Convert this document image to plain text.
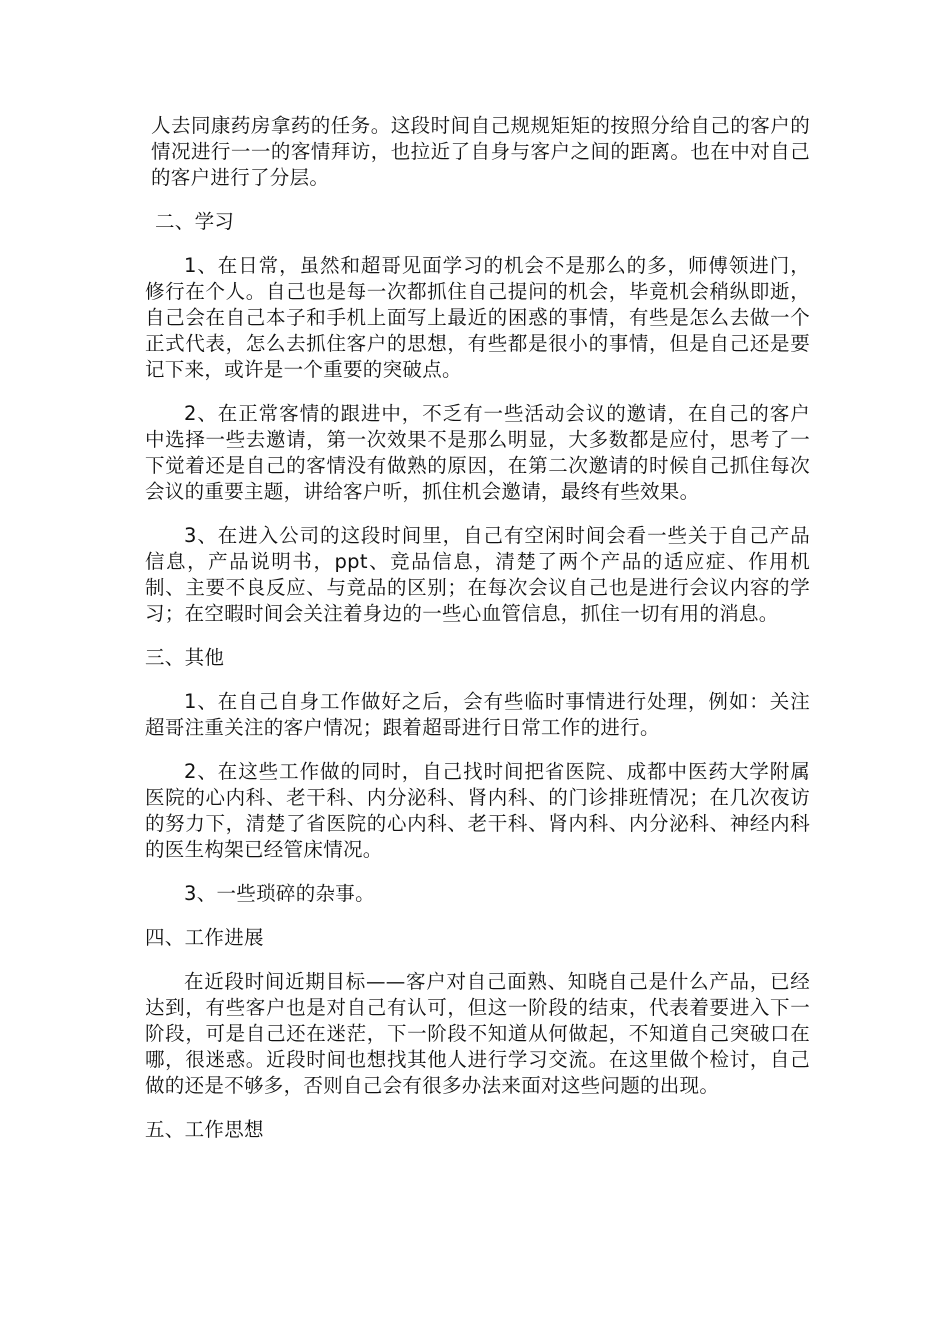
人去同康药房拿药的任务。这段时间自己规规矩矩的按照分给自己的客户的情况进行一一的客情拜访，也拉近了自身与客户之间的距离。也在中对自己的客户进行了分层。

二、学习

1、在日常，虽然和超哥见面学习的机会不是那么的多，师傅领进门，修行在个人。自己也是每一次都抓住自己提问的机会，毕竟机会稍纵即逝，自己会在自己本子和手机上面写上最近的困惑的事情，有些是怎么去做一个正式代表，怎么去抓住客户的思想，有些都是很小的事情，但是自己还是要记下来，或许是一个重要的突破点。

2、在正常客情的跟进中，不乏有一些活动会议的邀请，在自己的客户中选择一些去邀请，第一次效果不是那么明显，大多数都是应付，思考了一下觉着还是自己的客情没有做熟的原因，在第二次邀请的时候自己抓住每次会议的重要主题，讲给客户听，抓住机会邀请，最终有些效果。

3、在进入公司的这段时间里，自己有空闲时间会看一些关于自己产品信息，产品说明书，ppt、竞品信息，清楚了两个产品的适应症、作用机制、主要不良反应、与竞品的区别；在每次会议自己也是进行会议内容的学习；在空暇时间会关注着身边的一些心血管信息，抓住一切有用的消息。

三、其他

1、在自己自身工作做好之后，会有些临时事情进行处理，例如：关注超哥注重关注的客户情况；跟着超哥进行日常工作的进行。

2、在这些工作做的同时，自己找时间把省医院、成都中医药大学附属医院的心内科、老干科、内分泌科、肾内科、的门诊排班情况；在几次夜访的努力下，清楚了省医院的心内科、老干科、肾内科、内分泌科、神经内科的医生构架已经管床情况。

3、一些琐碎的杂事。

四、工作进展

在近段时间近期目标——客户对自己面熟、知晓自己是什么产品，已经达到，有些客户也是对自己有认可，但这一阶段的结束，代表着要进入下一阶段，可是自己还在迷茫，下一阶段不知道从何做起，不知道自己突破口在哪，很迷惑。近段时间也想找其他人进行学习交流。在这里做个检讨，自己做的还是不够多，否则自己会有很多办法来面对这些问题的出现。

五、工作思想
